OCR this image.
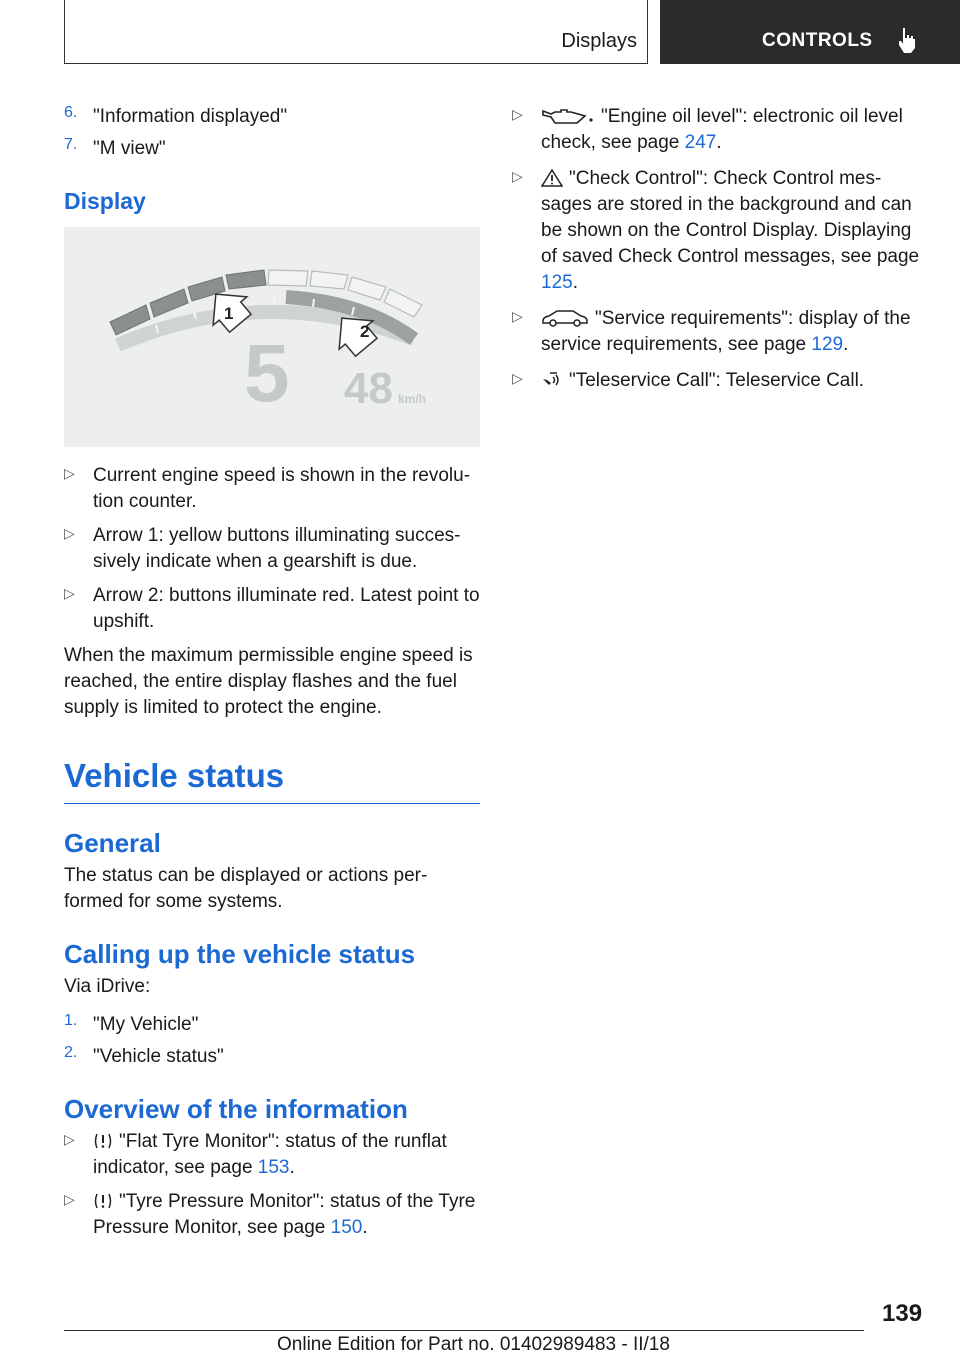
Displays	CONTROLS
6. "Information displayed"
7. "M view"
Display
1
2
5 48 km/h
▷ Current engine speed is shown in the revolu-tion counter.
▷ Arrow 1: yellow buttons illuminating succes-sively indicate when a gearshift is due.
▷ Arrow 2: buttons illuminate red. Latest point to upshift.

When the maximum permissible engine speed is reached, the entire display flashes and the fuel supply is limited to protect the engine.

Vehicle status
General

The status can be displayed or actions per-formed for some systems.

Calling up the vehicle status

Via iDrive:

1. "My Vehicle"
2. "Vehicle status"
Overview of the information
▷	"Flat Tyre Monitor": status of the runflat indicator, see page 153.
▷	"Tyre Pressure Monitor": status of the Tyre Pressure Monitor, see page 150.
▷	"Engine oil level": electronic oil level check, see page 247.
▷	"Check Control": Check Control mes-sages are stored in the background and can be shown on the Control Display. Displaying of saved Check Control messages, see page 125.
▷	"Service requirements": display of the service requirements, see page 129.
▷	"Teleservice Call": Teleservice Call.
139
Online Edition for Part no. 01402989483 - II/18
